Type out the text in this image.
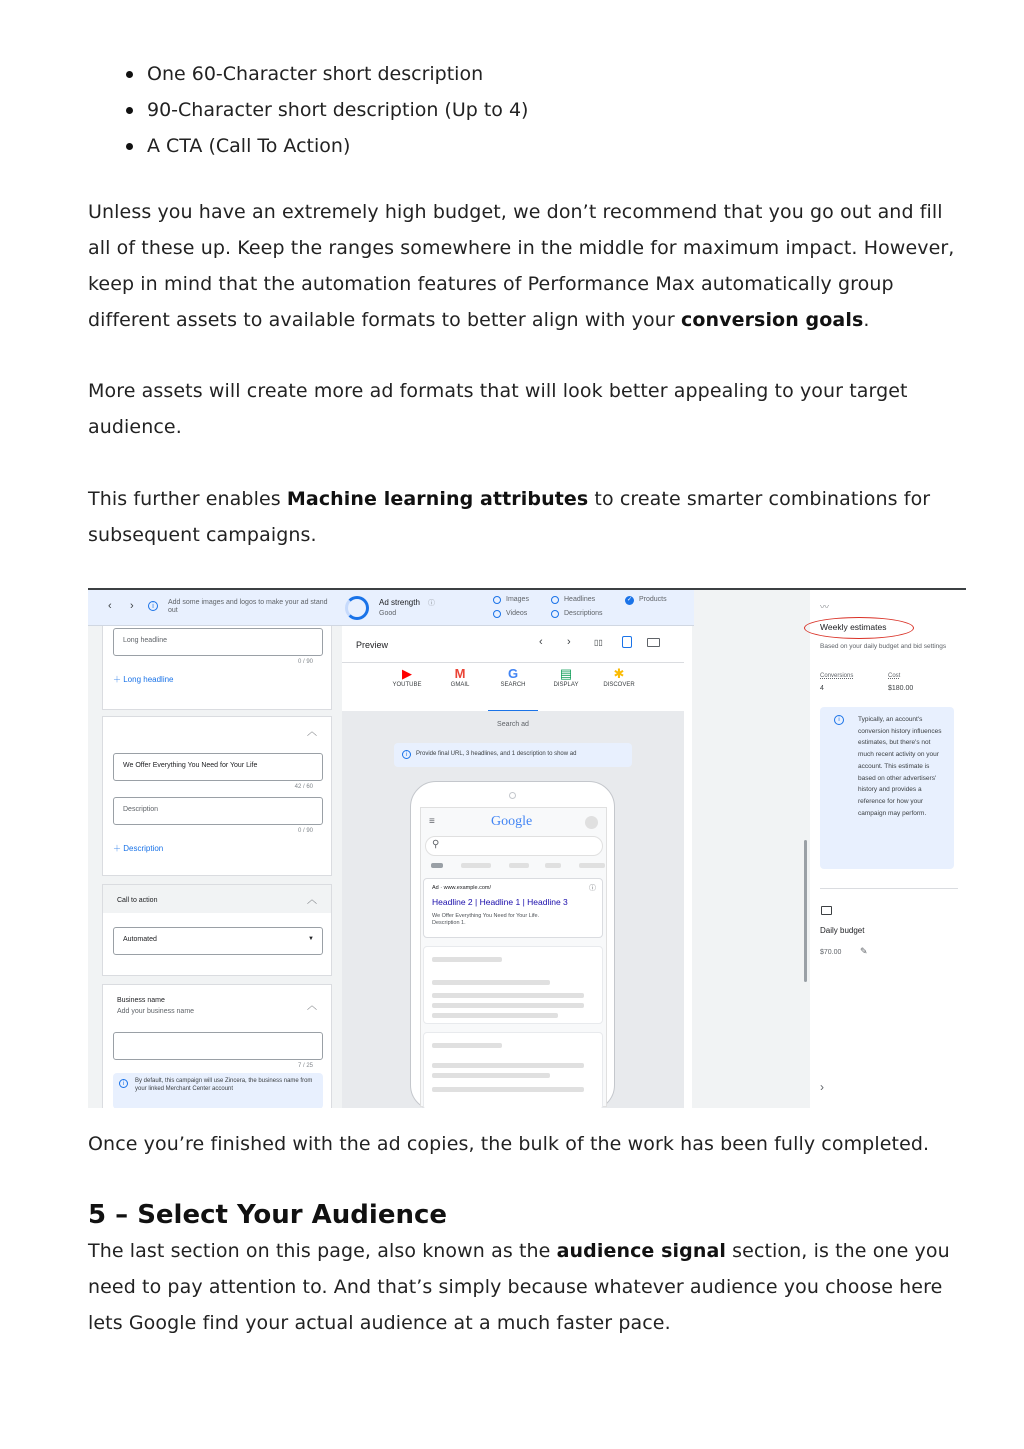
One 60-Character short description
90-Character short description (Up to 4)
A CTA (Call To Action)

Unless you have an extremely high budget, we don’t recommend that you go out and fill all of these up. Keep the ranges somewhere in the middle for maximum impact. However, keep in mind that the automation features of Performance Max automatically group different assets to available formats to better align with your conversion goals.

More assets will create more ad formats that will look better appealing to your target audience.

This further enables Machine learning attributes to create smarter combinations for subsequent campaigns.

Once you’re finished with the ad copies, the bulk of the work has been fully completed.

5 – Select Your Audience

The last section on this page, also known as the audience signal section, is the one you need to pay attention to. And that’s simply because whatever audience you choose here lets Google find your actual audience at a much faster pace.

‹ ›	i
Add some images and logos to make your ad stand out
Ad strength ⓘ
Good
Images
Videos
Headlines
Descriptions
✓ Products
Long headline
0 / 90
＋ Long headline
︿
We Offer Everything You Need for Your Life
42 / 60
Description
0 / 90
＋ Description
Call to action	︿
Automated	▼
Business name
Add your business name	︿
7 / 25
i	By default, this campaign will use Zincera, the business name from your linked Merchant Center account
Preview	‹ ›	▯▯
▶
YOUTUBE
M
GMAIL
G
SEARCH
▤
DISPLAY
✱
DISCOVER
Search ad
i	Provide final URL, 3 headlines, and 1 description to show ad
≡	Google
⚲
Ad · www.example.com/	ⓘ
Headline 2 | Headline 1 | Headline 3
We Offer Everything You Need for Your Life. Description 1.
〰
Weekly estimates
Based on your daily budget and bid settings
Conversions
4
Cost
$180.00
i	Typically, an account's conversion history influences estimates, but there's not much recent activity on your account. This estimate is based on other advertisers' history and provides a reference for how your campaign may perform.
Daily budget
$70.00 ✎
›
